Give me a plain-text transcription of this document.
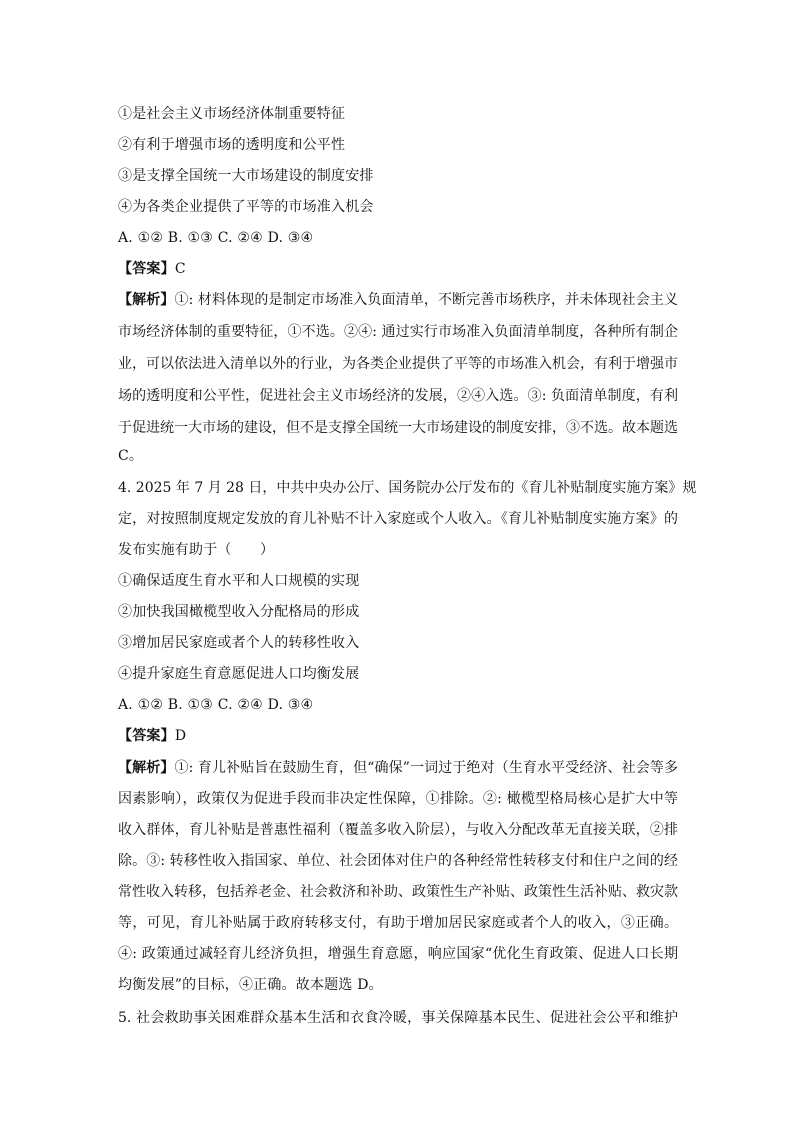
①是社会主义市场经济体制重要特征
②有利于增强市场的透明度和公平性
③是支撑全国统一大市场建设的制度安排
④为各类企业提供了平等的市场准入机会
A. ①② B. ①③ C. ②④ D. ③④
【答案】C
【解析】①: 材料体现的是制定市场准入负面清单，不断完善市场秩序，并未体现社会主义
市场经济体制的重要特征，①不选。②④: 通过实行市场准入负面清单制度，各种所有制企
业，可以依法进入清单以外的行业，为各类企业提供了平等的市场准入机会，有利于增强市
场的透明度和公平性，促进社会主义市场经济的发展，②④入选。③: 负面清单制度，有利
于促进统一大市场的建设，但不是支撑全国统一大市场建设的制度安排，③不选。故本题选
C。
4. 2025 年 7 月 28 日，中共中央办公厅、国务院办公厅发布的《育儿补贴制度实施方案》规
定，对按照制度规定发放的育儿补贴不计入家庭或个人收入。《育儿补贴制度实施方案》的
发布实施有助于（　　）
①确保适度生育水平和人口规模的实现
②加快我国橄榄型收入分配格局的形成
③增加居民家庭或者个人的转移性收入
④提升家庭生育意愿促进人口均衡发展
A. ①② B. ①③ C. ②④ D. ③④
【答案】D
【解析】①: 育儿补贴旨在鼓励生育，但“确保”一词过于绝对（生育水平受经济、社会等多
因素影响），政策仅为促进手段而非决定性保障，①排除。②: 橄榄型格局核心是扩大中等
收入群体，育儿补贴是普惠性福利（覆盖多收入阶层），与收入分配改革无直接关联，②排
除。③: 转移性收入指国家、单位、社会团体对住户的各种经常性转移支付和住户之间的经
常性收入转移，包括养老金、社会救济和补助、政策性生产补贴、政策性生活补贴、救灾款
等，可见，育儿补贴属于政府转移支付，有助于增加居民家庭或者个人的收入，③正确。
④: 政策通过减轻育儿经济负担，增强生育意愿，响应国家“优化生育政策、促进人口长期
均衡发展”的目标，④正确。故本题选 D。
5. 社会救助事关困难群众基本生活和衣食冷暖，事关保障基本民生、促进社会公平和维护
